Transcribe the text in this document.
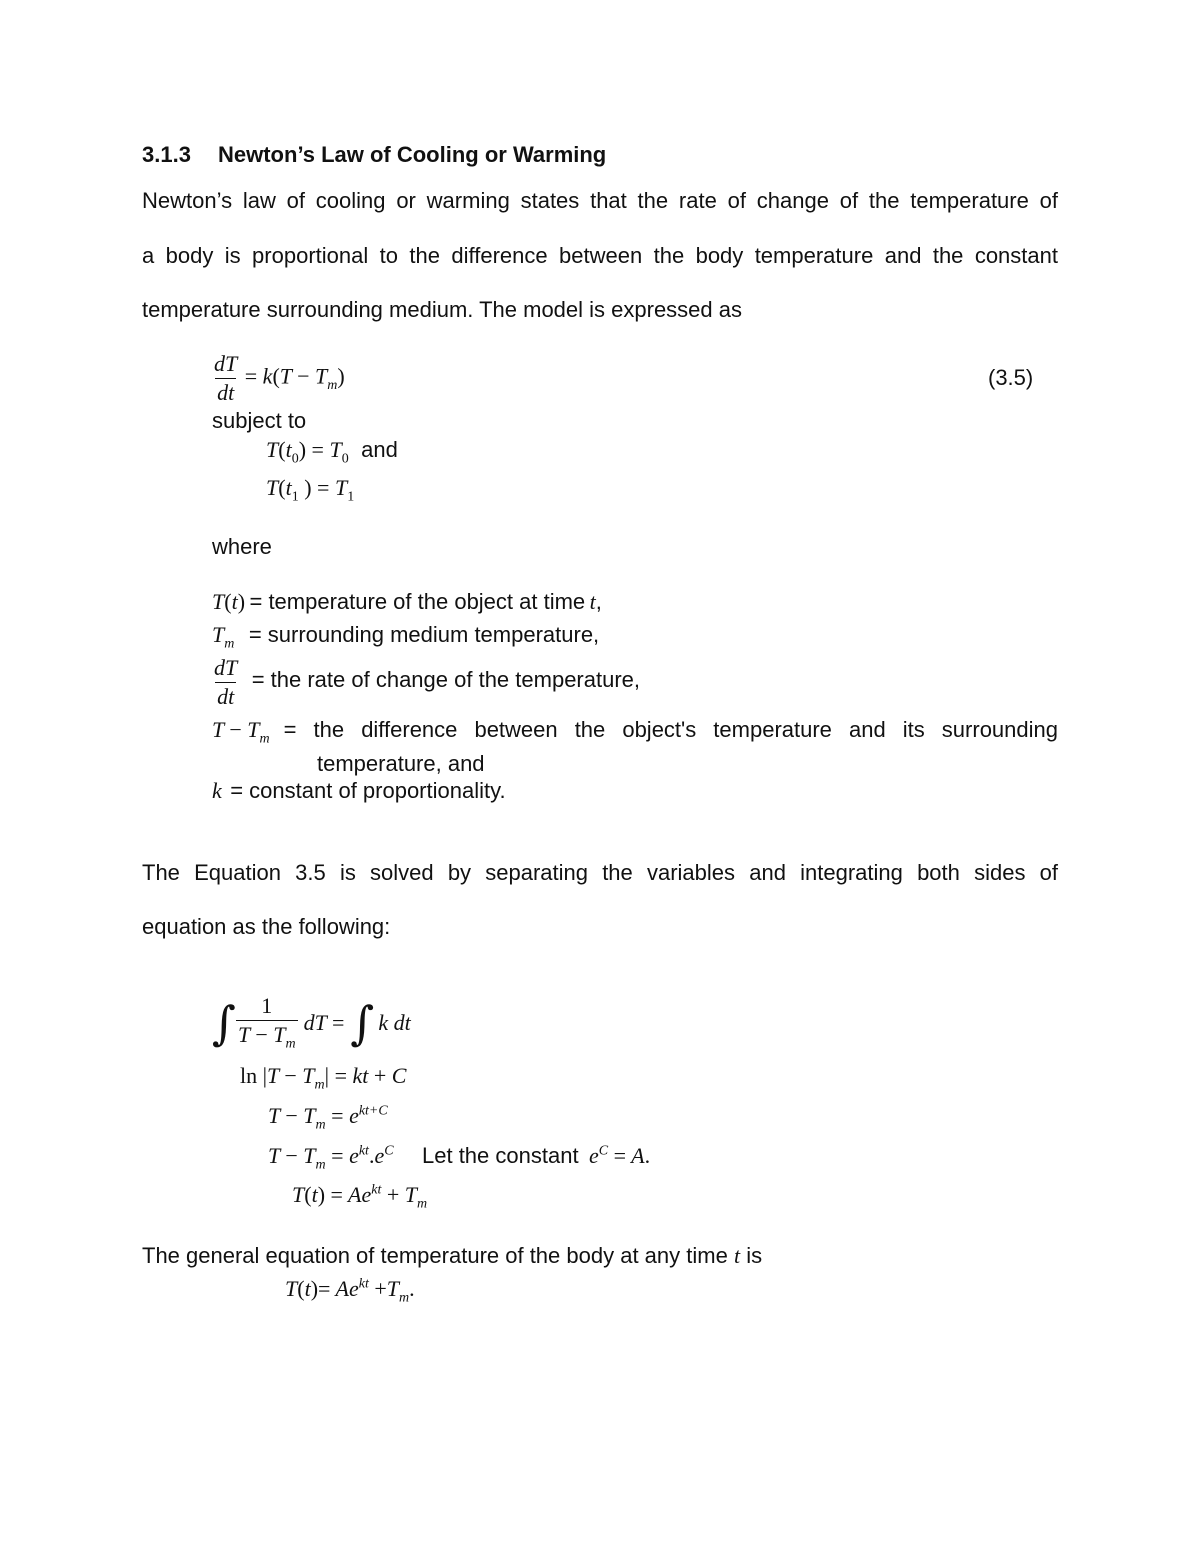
3.1.3 Newton’s Law of Cooling or Warming
Newton’s law of cooling or warming states that the rate of change of the temperature of
a body is proportional to the difference between the body temperature and the constant
temperature surrounding medium. The model is expressed as
$\frac{dT}{dt} = k(T - T_m)$	(3.5)
subject to
$T(t_0) = T_0$ and
$T(t_1$ ) = $T_1$
where
T(t) = temperature of the object at time t,
$T_m$ = surrounding medium temperature,
$\frac{dT}{dt}$ = the rate of change of the temperature,
$T - T_m$ = the difference between the object's temperature and its surrounding
temperature, and
k = constant of proportionality.
The Equation 3.5 is solved by separating the variables and integrating both sides of
equation as the following:
∫ $\frac{1}{T - T_m}$ dT = ∫ k dt
$\ln |T - T_m|$ = kt + C
$T - T_m = e^{kt+C}$
$T - T_m = e^{kt}.e^C$ Let the constant $e^C = A$.
$T(t) = Ae^{kt} + T_m$
The general equation of temperature of the body at any time t is
$T(t)= Ae^{kt} +T_m$.
